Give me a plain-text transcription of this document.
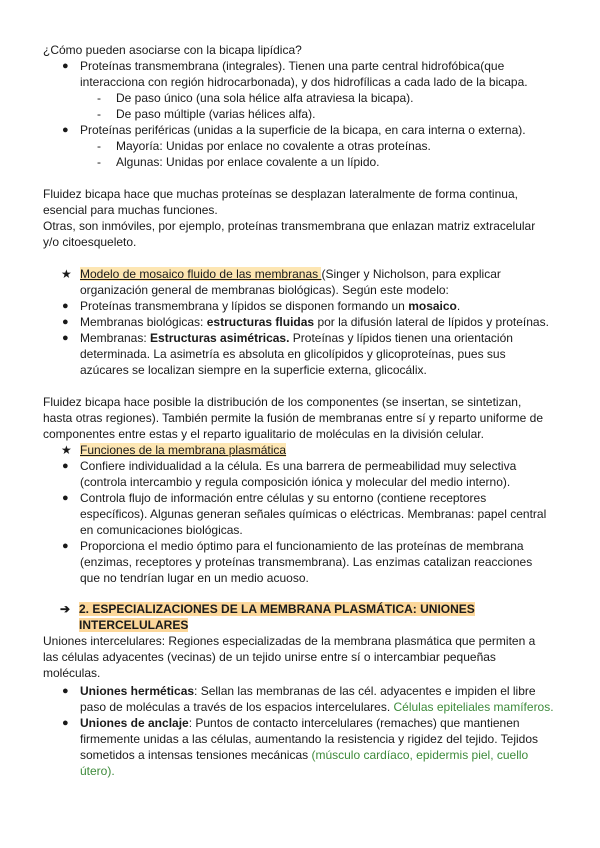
¿Cómo pueden asociarse con la bicapa lipídica?
● Proteínas transmembrana (integrales). Tienen una parte central hidrofóbica(que
interacciona con región hidrocarbonada), y dos hidrofílicas a cada lado de la bicapa.
- De paso único (una sola hélice alfa atraviesa la bicapa).
- De paso múltiple (varias hélices alfa).
● Proteínas periféricas (unidas a la superficie de la bicapa, en cara interna o externa).
- Mayoría: Unidas por enlace no covalente a otras proteínas.
- Algunas: Unidas por enlace covalente a un lípido.
Fluidez bicapa hace que muchas proteínas se desplazan lateralmente de forma continua,
esencial para muchas funciones.
Otras, son inmóviles, por ejemplo, proteínas transmembrana que enlazan matriz extracelular
y/o citoesqueleto.
★ Modelo de mosaico fluido de las membranas (Singer y Nicholson, para explicar
organización general de membranas biológicas). Según este modelo:
● Proteínas transmembrana y lípidos se disponen formando un mosaico.
● Membranas biológicas: estructuras fluidas por la difusión lateral de lípidos y proteínas.
● Membranas: Estructuras asimétricas. Proteínas y lípidos tienen una orientación
determinada. La asimetría es absoluta en glicolípidos y glicoproteínas, pues sus
azúcares se localizan siempre en la superficie externa, glicocálix.
Fluidez bicapa hace posible la distribución de los componentes (se insertan, se sintetizan,
hasta otras regiones). También permite la fusión de membranas entre sí y reparto uniforme de
componentes entre estas y el reparto igualitario de moléculas en la división celular.
★ Funciones de la membrana plasmática
● Confiere individualidad a la célula. Es una barrera de permeabilidad muy selectiva
(controla intercambio y regula composición iónica y molecular del medio interno).
● Controla flujo de información entre células y su entorno (contiene receptores
específicos). Algunas generan señales químicas o eléctricas. Membranas: papel central
en comunicaciones biológicas.
● Proporciona el medio óptimo para el funcionamiento de las proteínas de membrana
(enzimas, receptores y proteínas transmembrana). Las enzimas catalizan reacciones
que no tendrían lugar en un medio acuoso.
➔ 2. ESPECIALIZACIONES DE LA MEMBRANA PLASMÁTICA: UNIONES
INTERCELULARES
Uniones intercelulares: Regiones especializadas de la membrana plasmática que permiten a
las células adyacentes (vecinas) de un tejido unirse entre sí o intercambiar pequeñas
moléculas.
● Uniones herméticas: Sellan las membranas de las cél. adyacentes e impiden el libre
paso de moléculas a través de los espacios intercelulares. Células epiteliales mamíferos.
● Uniones de anclaje: Puntos de contacto intercelulares (remaches) que mantienen
firmemente unidas a las células, aumentando la resistencia y rigidez del tejido. Tejidos
sometidos a intensas tensiones mecánicas (músculo cardíaco, epidermis piel, cuello
útero).
